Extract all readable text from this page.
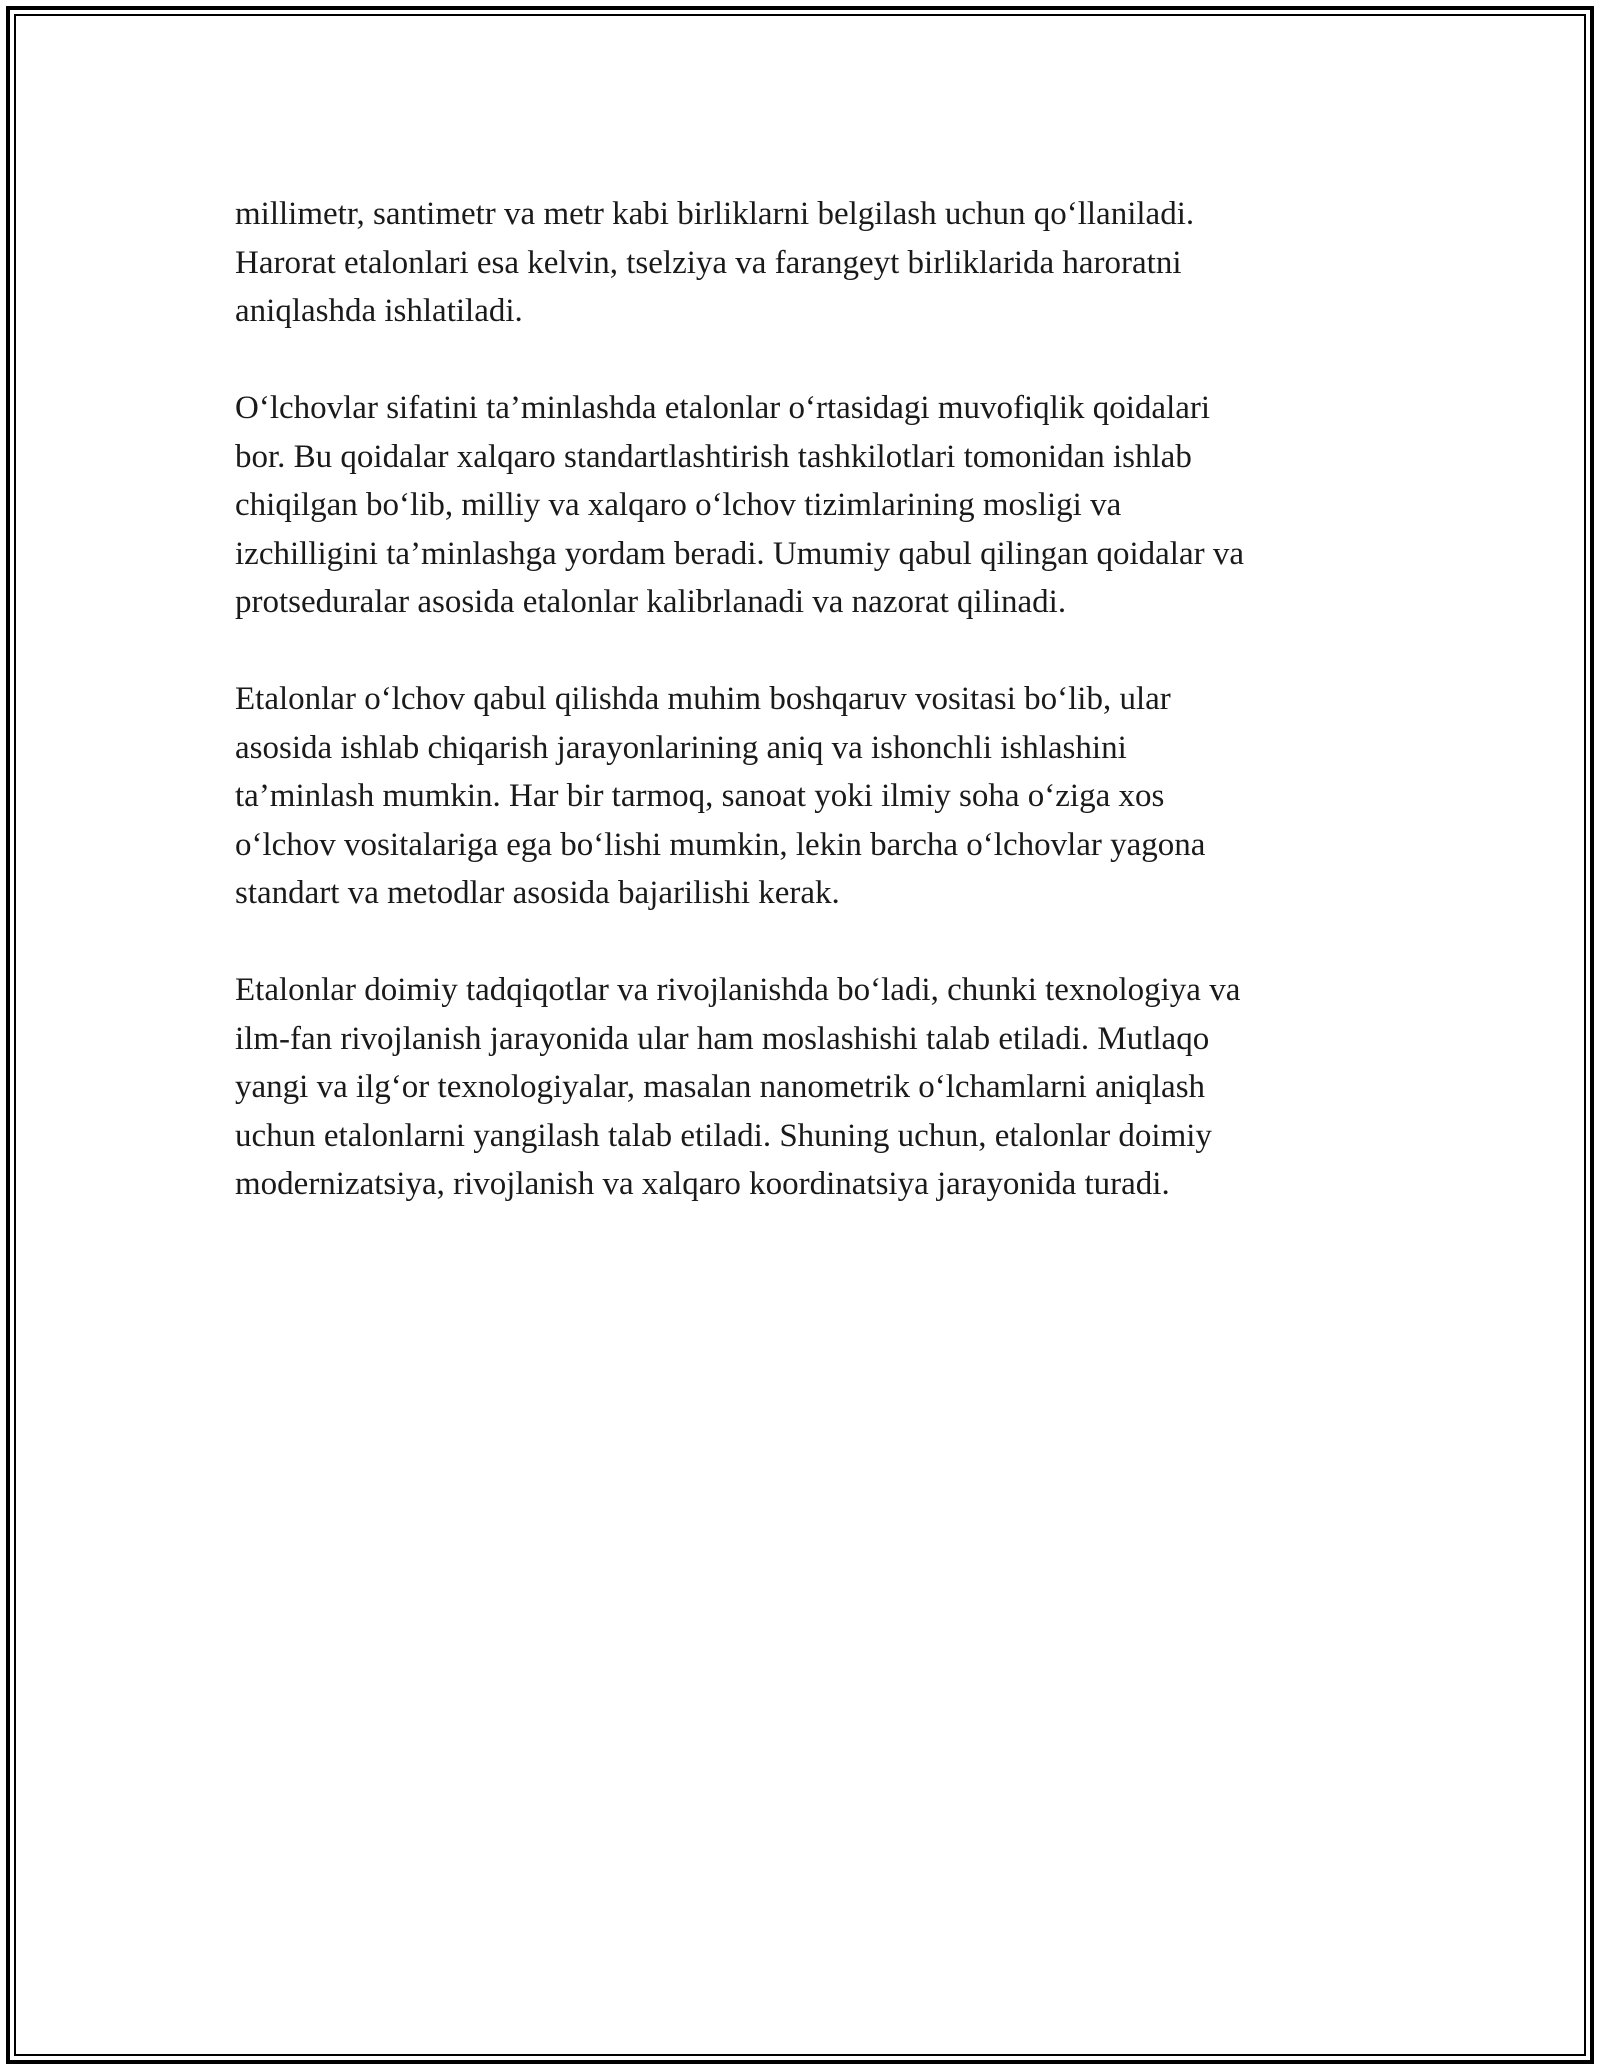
millimetr, santimetr va metr kabi birliklarni belgilash uchun qo‘llaniladi.
Harorat etalonlari esa kelvin, tselziya va farangeyt birliklarida haroratni
aniqlashda ishlatiladi.

O‘lchovlar sifatini ta’minlashda etalonlar o‘rtasidagi muvofiqlik qoidalari
bor. Bu qoidalar xalqaro standartlashtirish tashkilotlari tomonidan ishlab
chiqilgan bo‘lib, milliy va xalqaro o‘lchov tizimlarining mosligi va
izchilligini ta’minlashga yordam beradi. Umumiy qabul qilingan qoidalar va
protseduralar asosida etalonlar kalibrlanadi va nazorat qilinadi.

Etalonlar o‘lchov qabul qilishda muhim boshqaruv vositasi bo‘lib, ular
asosida ishlab chiqarish jarayonlarining aniq va ishonchli ishlashini
ta’minlash mumkin. Har bir tarmoq, sanoat yoki ilmiy soha o‘ziga xos
o‘lchov vositalariga ega bo‘lishi mumkin, lekin barcha o‘lchovlar yagona
standart va metodlar asosida bajarilishi kerak.

Etalonlar doimiy tadqiqotlar va rivojlanishda bo‘ladi, chunki texnologiya va
ilm-fan rivojlanish jarayonida ular ham moslashishi talab etiladi. Mutlaqo
yangi va ilg‘or texnologiyalar, masalan nanometrik o‘lchamlarni aniqlash
uchun etalonlarni yangilash talab etiladi. Shuning uchun, etalonlar doimiy
modernizatsiya, rivojlanish va xalqaro koordinatsiya jarayonida turadi.
